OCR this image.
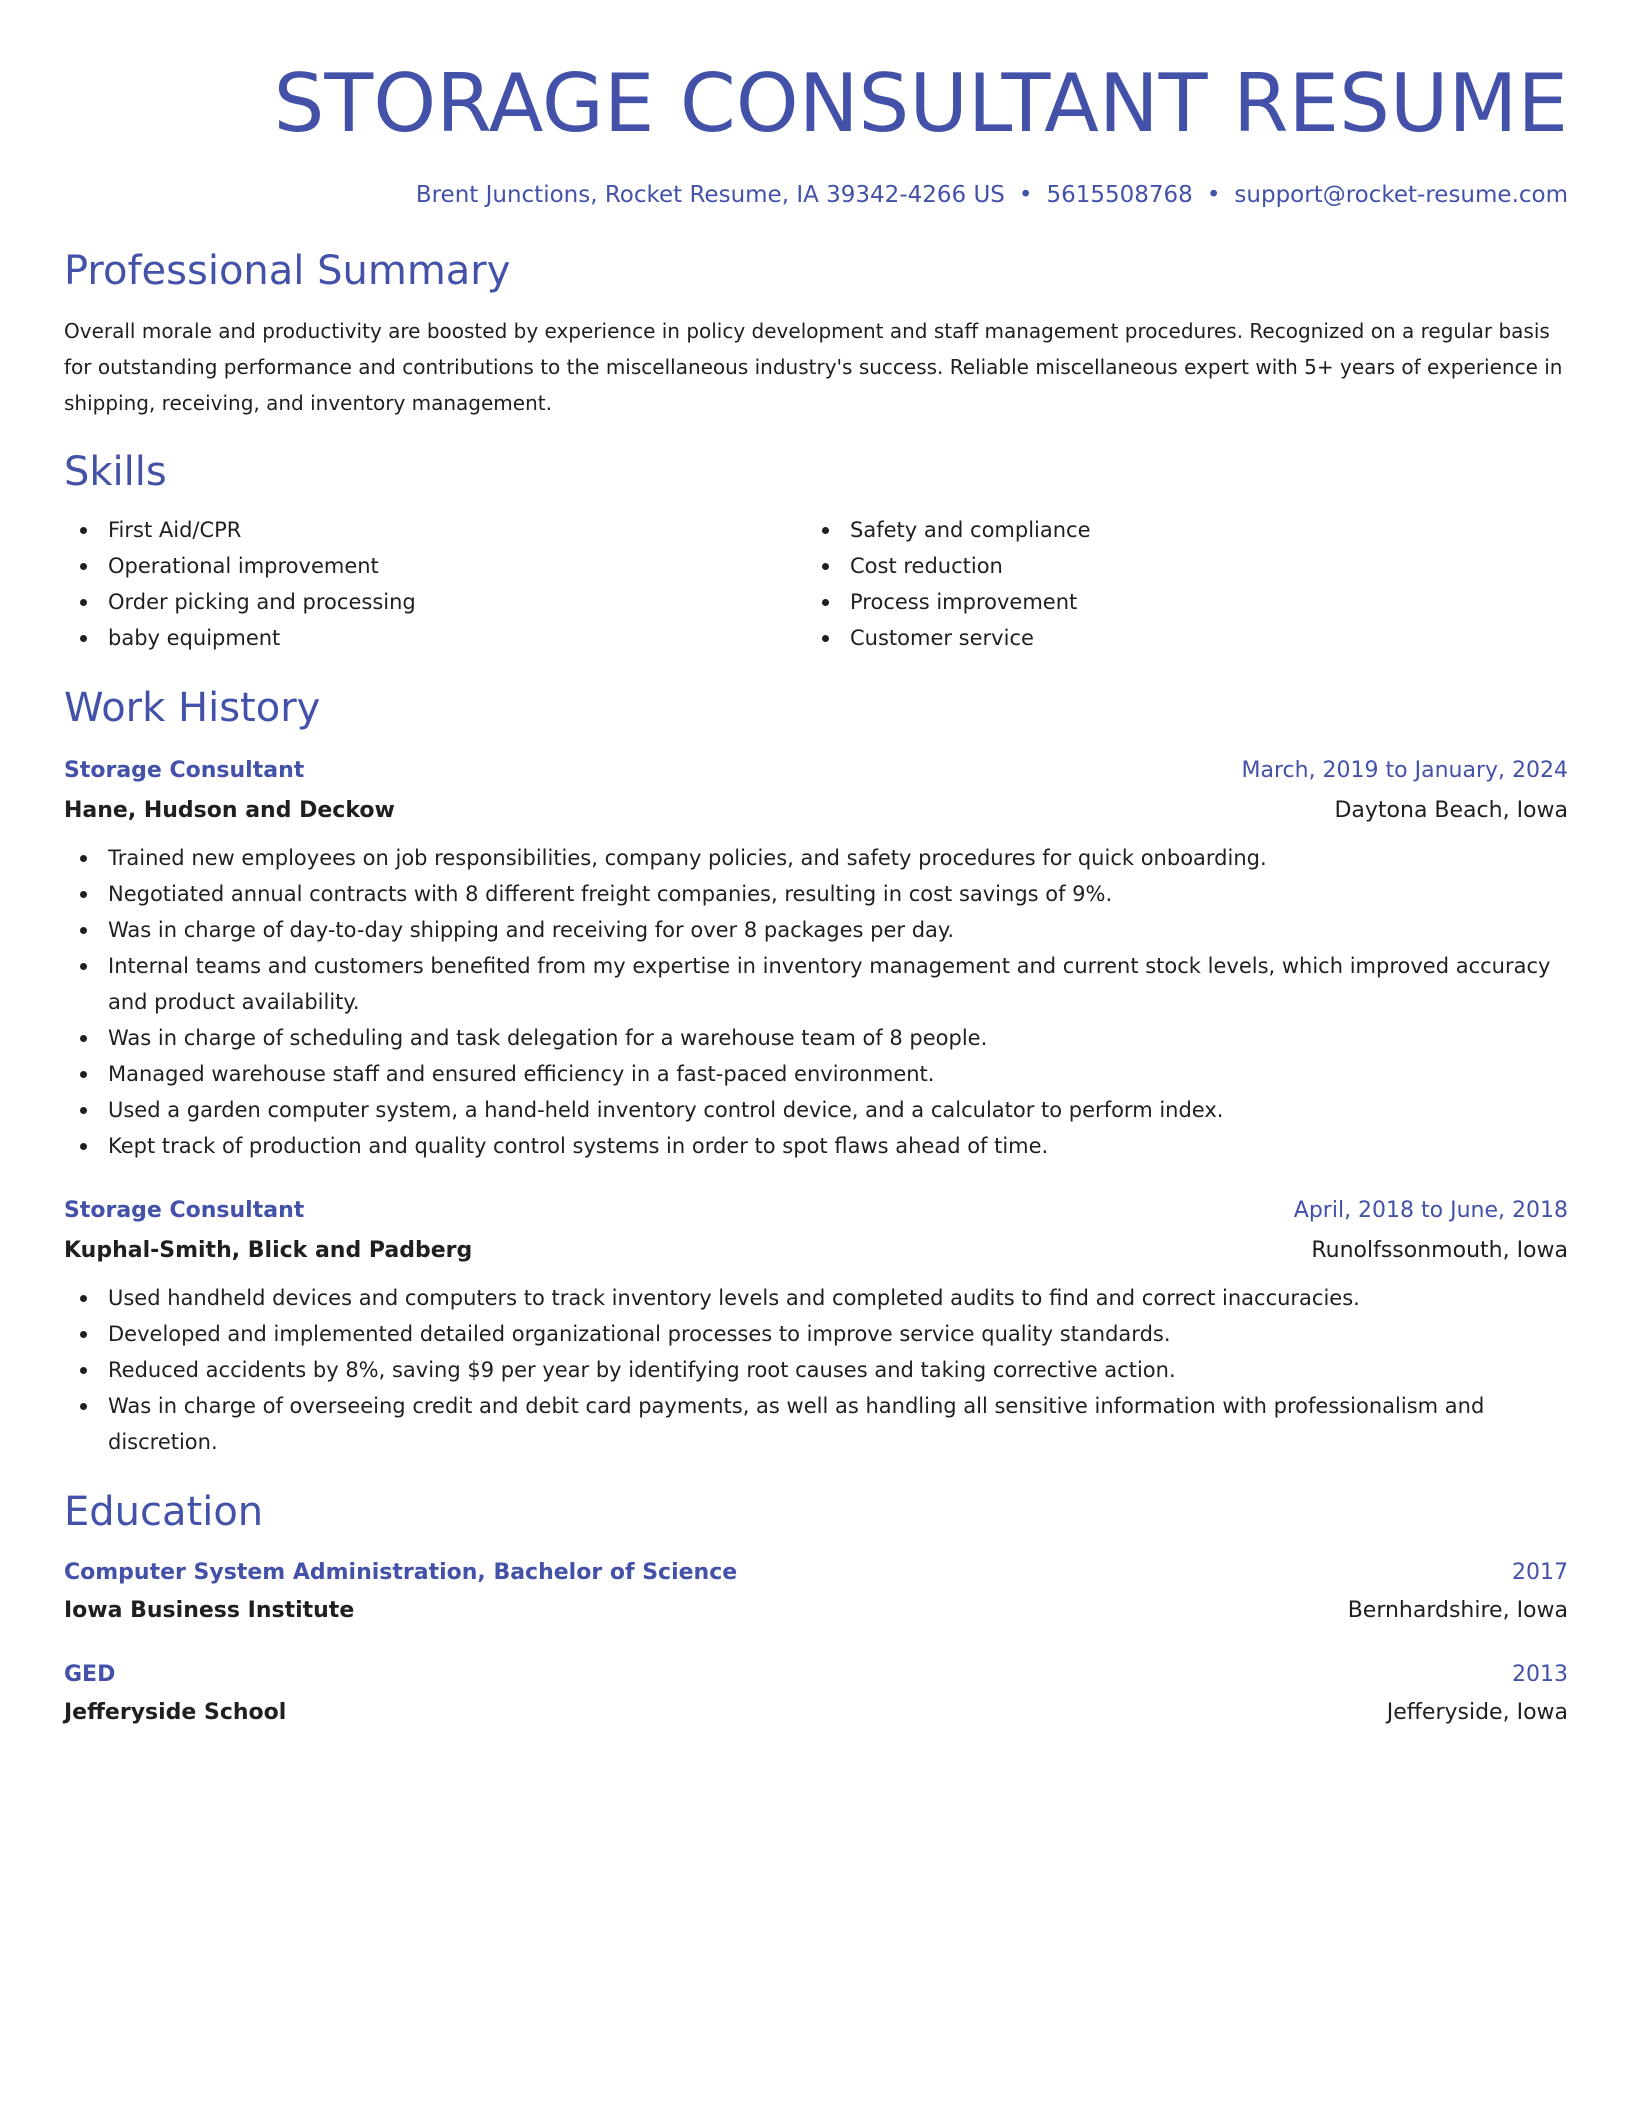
STORAGE CONSULTANT RESUME
Brent Junctions, Rocket Resume, IA 39342-4266 US • 5615508768 • support@rocket-resume.com
Professional Summary

Overall morale and productivity are boosted by experience in policy development and staff management procedures. Recognized on a regular basis for outstanding performance and contributions to the miscellaneous industry's success. Reliable miscellaneous expert with 5+ years of experience in shipping, receiving, and inventory management.

Skills
First Aid/CPR
Operational improvement
Order picking and processing
baby equipment
Safety and compliance
Cost reduction
Process improvement
Customer service
Work History
Storage Consultant	March, 2019 to January, 2024
Hane, Hudson and Deckow	Daytona Beach, Iowa
Trained new employees on job responsibilities, company policies, and safety procedures for quick onboarding.
Negotiated annual contracts with 8 different freight companies, resulting in cost savings of 9%.
Was in charge of day-to-day shipping and receiving for over 8 packages per day.
Internal teams and customers benefited from my expertise in inventory management and current stock levels, which improved accuracy and product availability.
Was in charge of scheduling and task delegation for a warehouse team of 8 people.
Managed warehouse staff and ensured efficiency in a fast-paced environment.
Used a garden computer system, a hand-held inventory control device, and a calculator to perform index.
Kept track of production and quality control systems in order to spot flaws ahead of time.
Storage Consultant	April, 2018 to June, 2018
Kuphal-Smith, Blick and Padberg	Runolfssonmouth, Iowa
Used handheld devices and computers to track inventory levels and completed audits to find and correct inaccuracies.
Developed and implemented detailed organizational processes to improve service quality standards.
Reduced accidents by 8%, saving $9 per year by identifying root causes and taking corrective action.
Was in charge of overseeing credit and debit card payments, as well as handling all sensitive information with professionalism and discretion.
Education
Computer System Administration, Bachelor of Science	2017
Iowa Business Institute	Bernhardshire, Iowa
GED	2013
Jefferyside School	Jefferyside, Iowa
